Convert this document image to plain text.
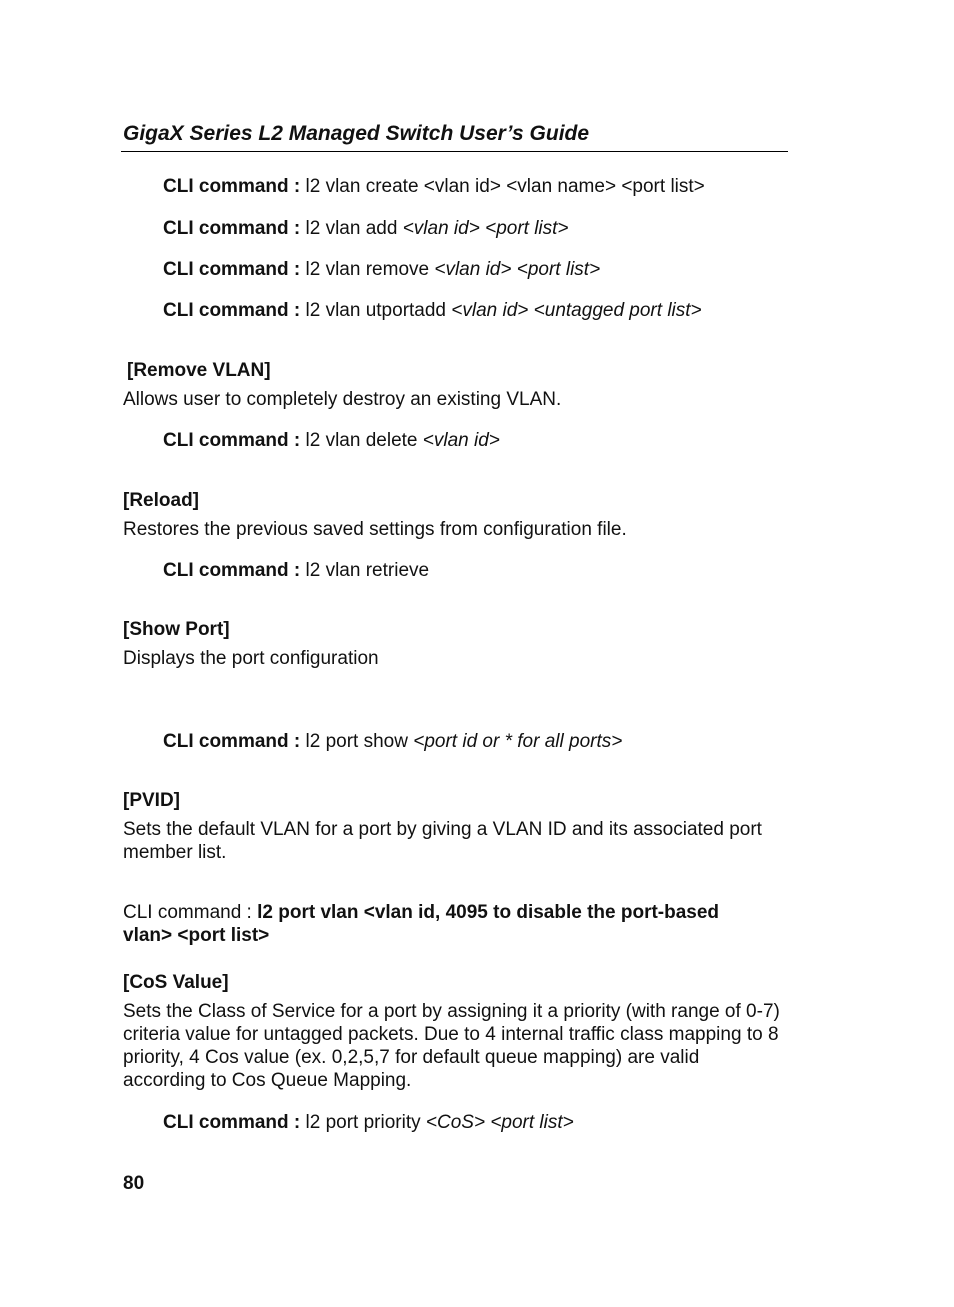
GigaX Series L2 Managed Switch User’s Guide
CLI command : l2 vlan create <vlan id> <vlan name> <port list>
CLI command : l2 vlan add <vlan id> <port list>
CLI command : l2 vlan remove <vlan id> <port list>
CLI command : l2 vlan utportadd <vlan id> <untagged port list>
[Remove VLAN]
Allows user to completely destroy an existing VLAN.
CLI command : l2 vlan delete <vlan id>
[Reload]
Restores the previous saved settings from configuration file.
CLI command : l2 vlan retrieve
[Show Port]
Displays the port configuration
CLI command : l2 port show <port id or * for all ports>
[PVID]
Sets the default VLAN for a port by giving a VLAN ID and its associated port member list.
CLI command : l2 port vlan <vlan id, 4095 to disable the port-based
vlan> <port list>
[CoS Value]
Sets the Class of Service for a port by assigning it a priority (with range of 0-7)
criteria value for untagged packets. Due to 4 internal traffic class mapping to 8
priority, 4 Cos value (ex. 0,2,5,7 for default queue mapping) are valid
according to Cos Queue Mapping.
CLI command : l2 port priority <CoS> <port list>
80
